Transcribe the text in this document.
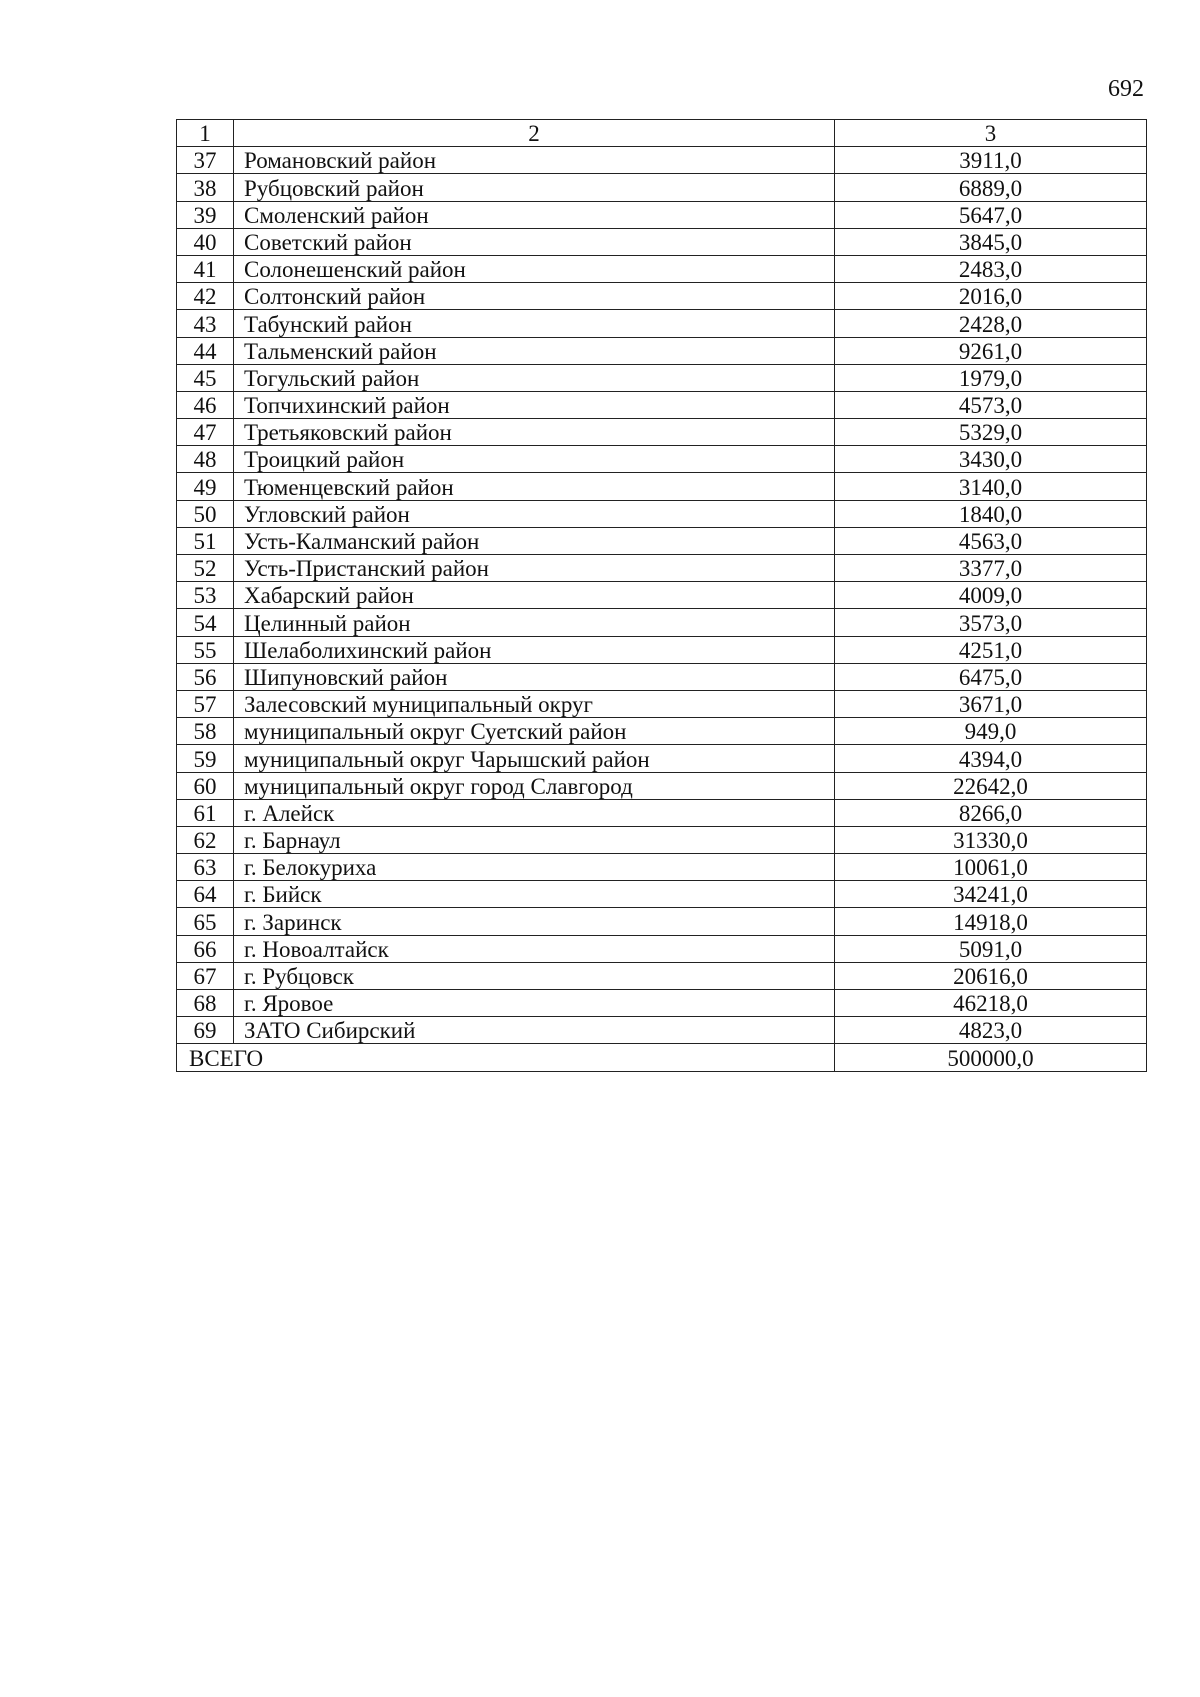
692
1	2	3
37	Романовский район	3911,0
38	Рубцовский район	6889,0
39	Смоленский район	5647,0
40	Советский район	3845,0
41	Солонешенский район	2483,0
42	Солтонский район	2016,0
43	Табунский район	2428,0
44	Тальменский район	9261,0
45	Тогульский район	1979,0
46	Топчихинский район	4573,0
47	Третьяковский район	5329,0
48	Троицкий район	3430,0
49	Тюменцевский район	3140,0
50	Угловский район	1840,0
51	Усть-Калманский район	4563,0
52	Усть-Пристанский район	3377,0
53	Хабарский район	4009,0
54	Целинный район	3573,0
55	Шелаболихинский район	4251,0
56	Шипуновский район	6475,0
57	Залесовский муниципальный округ	3671,0
58	муниципальный округ Суетский район	949,0
59	муниципальный округ Чарышский район	4394,0
60	муниципальный округ город Славгород	22642,0
61	г. Алейск	8266,0
62	г. Барнаул	31330,0
63	г. Белокуриха	10061,0
64	г. Бийск	34241,0
65	г. Заринск	14918,0
66	г. Новоалтайск	5091,0
67	г. Рубцовск	20616,0
68	г. Яровое	46218,0
69	ЗАТО Сибирский	4823,0
ВСЕГО		500000,0
